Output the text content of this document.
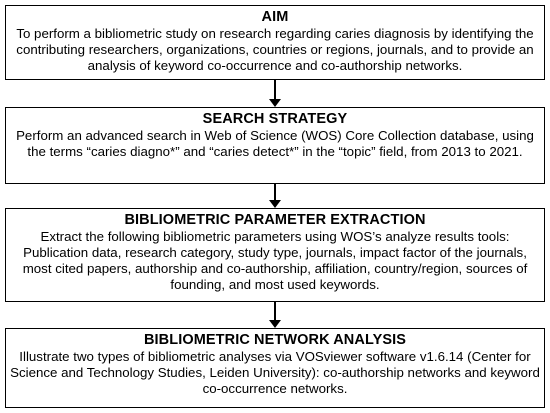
AIM
To perform a bibliometric study on research regarding caries diagnosis by identifying the contributing researchers, organizations, countries or regions, journals, and to provide an analysis of keyword co-occurrence and co-authorship networks.
SEARCH STRATEGY
Perform an advanced search in Web of Science (WOS) Core Collection database, using the terms “caries diagno*” and “caries detect*” in the “topic” field, from 2013 to 2021.
BIBLIOMETRIC PARAMETER EXTRACTION
Extract the following bibliometric parameters using WOS’s analyze results tools: Publication data, research category, study type, journals, impact factor of the journals, most cited papers, authorship and co-authorship, affiliation, country/region, sources of founding, and most used keywords.
BIBLIOMETRIC NETWORK ANALYSIS
Illustrate two types of bibliometric analyses via VOSviewer software v1.6.14 (Center for Science and Technology Studies, Leiden University): co-authorship networks and keyword co-occurrence networks.
